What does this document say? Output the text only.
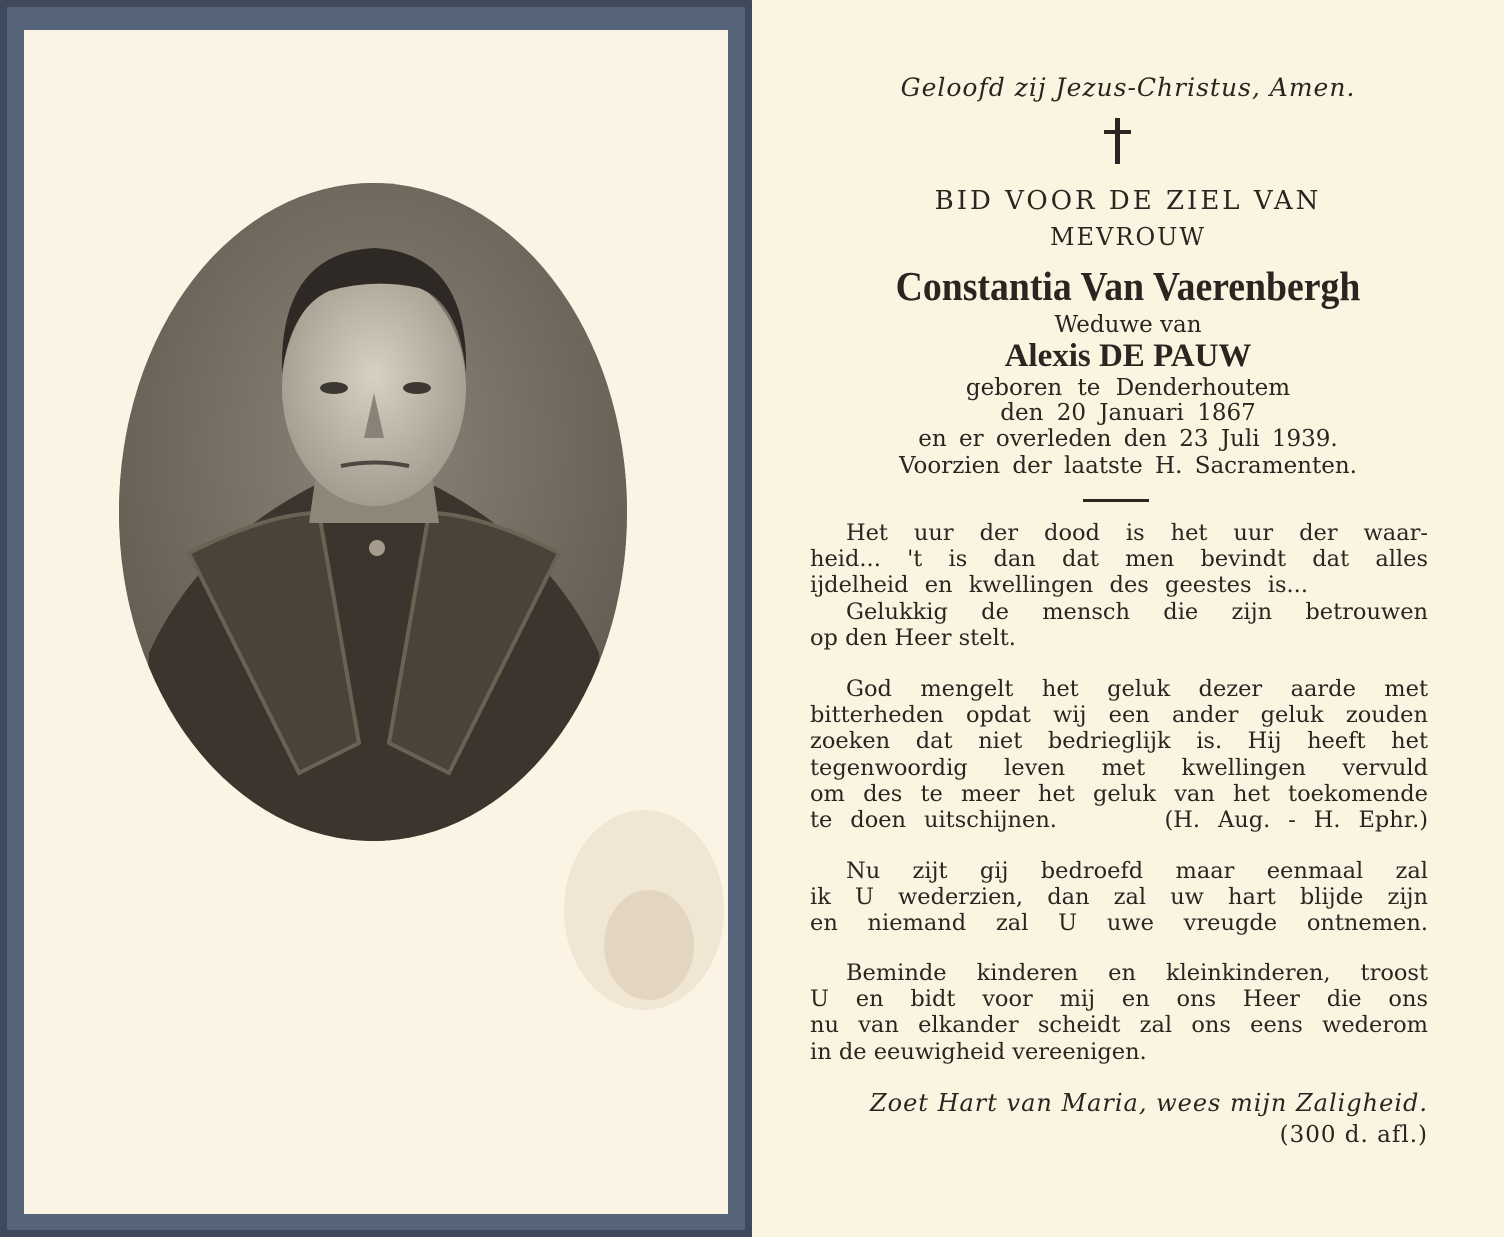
Geloofd zij Jezus-Christus, Amen.
BID VOOR DE ZIEL VAN
MEVROUW
Constantia Van Vaerenbergh
Weduwe van
Alexis DE PAUW
geboren te Denderhoutem
den 20 Januari 1867
en er overleden den 23 Juli 1939.
Voorzien der laatste H. Sacramenten.
Het uur der dood is het uur der waar-
heid... 't is dan dat men bevindt dat alles
ijdelheid en kwellingen des geestes is...
Gelukkig de mensch die zijn betrouwen
op den Heer stelt.
God mengelt het geluk dezer aarde met
bitterheden opdat wij een ander geluk zouden
zoeken dat niet bedrieglijk is. Hij heeft het
tegenwoordig leven met kwellingen vervuld
om des te meer het geluk van het toekomende
te doen uitschijnen.      (H. Aug. - H. Ephr.)
Nu zijt gij bedroefd maar eenmaal zal
ik U wederzien, dan zal uw hart blijde zijn
en niemand zal U uwe vreugde ontnemen.
Beminde kinderen en kleinkinderen, troost
U en bidt voor mij en ons Heer die ons
nu van elkander scheidt zal ons eens wederom
in de eeuwigheid vereenigen.
Zoet Hart van Maria, wees mijn Zaligheid.
(300 d. afl.)
